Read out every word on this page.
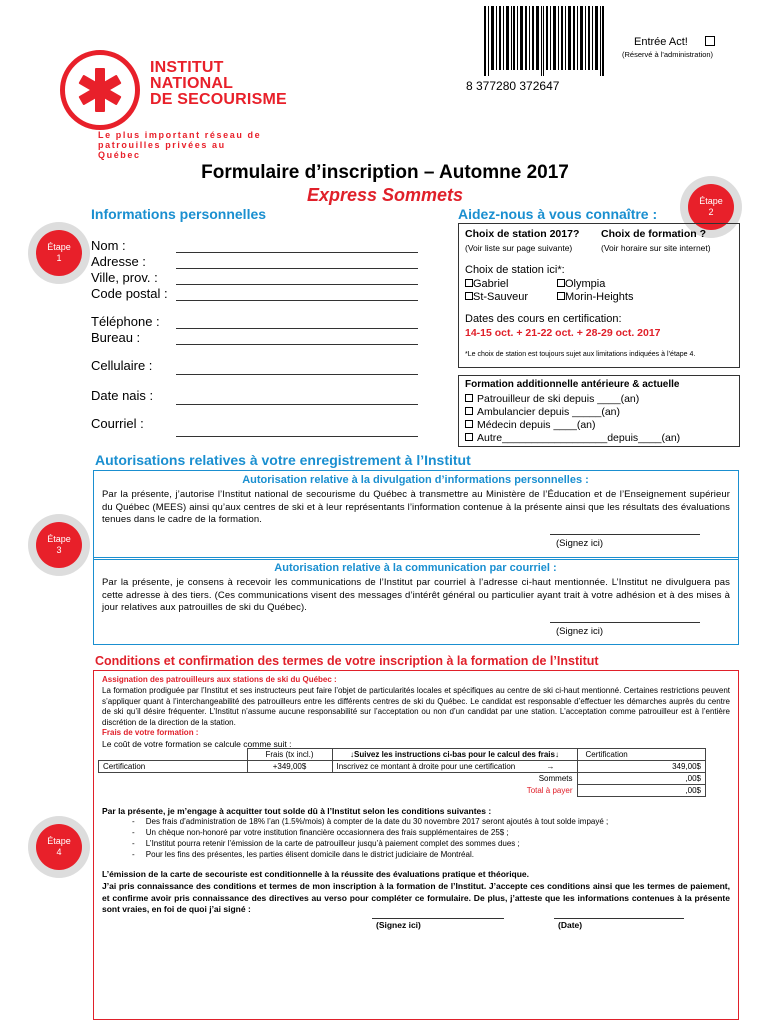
INSTITUT
NATIONAL
DE SECOURISME
Le plus important réseau de
patrouilles privées au
Québec
8 377280 372647
Entrée Act!
(Réservé à l'administration)
Formulaire d’inscription – Automne 2017
Express Sommets
Étape
1
Étape
2
Étape
3
Étape
4
Informations personnelles
Nom :
Adresse :
Ville, prov. :
Code postal :
Téléphone :
Bureau :
Cellulaire :
Date nais :
Courriel :
Aidez-nous à vous connaître :
Choix de station 2017? Choix de formation ?
(Voir liste sur page suivante)	(Voir horaire sur site internet)
Choix de station ici*:
Gabriel	Olympia
St-Sauveur	Morin-Heights
Dates des cours en certification:
14-15 oct. + 21-22 oct. + 28-29 oct. 2017
*Le choix de station est toujours sujet aux limitations indiquées à l’étape 4.
Formation additionnelle antérieure & actuelle
Patrouilleur de ski depuis ____(an)
Ambulancier depuis _____(an)
Médecin depuis ____(an)
Autre__________________depuis____(an)
Autorisations relatives à votre enregistrement à l’Institut
Autorisation relative à la divulgation d’informations personnelles :
Par la présente, j’autorise l’Institut national de secourisme du Québec à transmettre au Ministère de l’Éducation et de l’Enseignement supérieur du Québec (MEES) ainsi qu’aux centres de ski et à leur représentants l’information contenue à la présente ainsi que les résultats des évaluations tenues dans le cadre de la formation.
(Signez ici)
Autorisation relative à la communication par courriel :
Par la présente, je consens à recevoir les communications de l’Institut par courriel à l’adresse ci-haut mentionnée. L’Institut ne divulguera pas cette adresse à des tiers. (Ces communications visent des messages d’intérêt général ou particulier ayant trait à votre adhésion et à des mises à jour relatives aux patrouilles de ski du Québec).
(Signez ici)
Conditions et confirmation des termes de votre inscription à la formation de l’Institut
Assignation des patrouilleurs aux stations de ski du Québec :
La formation prodiguée par l’Institut et ses instructeurs peut faire l’objet de particularités locales et spécifiques au centre de ski ci-haut mentionné. Certaines restrictions peuvent s’appliquer quant à l’interchangeabilité des patrouilleurs entre les différents centres de ski du Québec. Le candidat est responsable d’effectuer les démarches auprès du centre de ski qu’il désire fréquenter. L’Institut n’assume aucune responsabilité sur l’acceptation ou non d’un candidat par une station. L’acceptation comme patrouilleur est à l’entière discrétion de la direction de la station.
Frais de votre formation :
Le coût de votre formation se calcule comme suit :
	Frais (tx incl.)	↓Suivez les instructions ci-bas pour le calcul des frais↓	Certification
Certification	+349,00$	Inscrivez ce montant à droite pour une certification →	349,00$
		Sommets	,00$
		Total à payer	,00$
Par la présente, je m’engage à acquitter tout solde dû à l’Institut selon les conditions suivantes :
-     Des frais d’administration de 18% l’an (1.5%/mois) à compter de la date du 30 novembre 2017 seront ajoutés à tout solde impayé ;
-     Un chèque non-honoré par votre institution financière occasionnera des frais supplémentaires de 25$ ;
-     L’Institut pourra retenir l’émission de la carte de patrouilleur jusqu’à paiement complet des sommes dues ;
-     Pour les fins des présentes, les parties élisent domicile dans le district judiciaire de Montréal.
L’émission de la carte de secouriste est conditionnelle à la réussite des évaluations pratique et théorique.
J’ai pris connaissance des conditions et termes de mon inscription à la formation de l’Institut. J’accepte ces conditions ainsi que les termes de paiement, et confirme avoir pris connaissance des directives au verso pour compléter ce formulaire. De plus, j’atteste que les informations contenues à la présente sont vraies, en foi de quoi j’ai signé :
(Signez ici)	(Date)
